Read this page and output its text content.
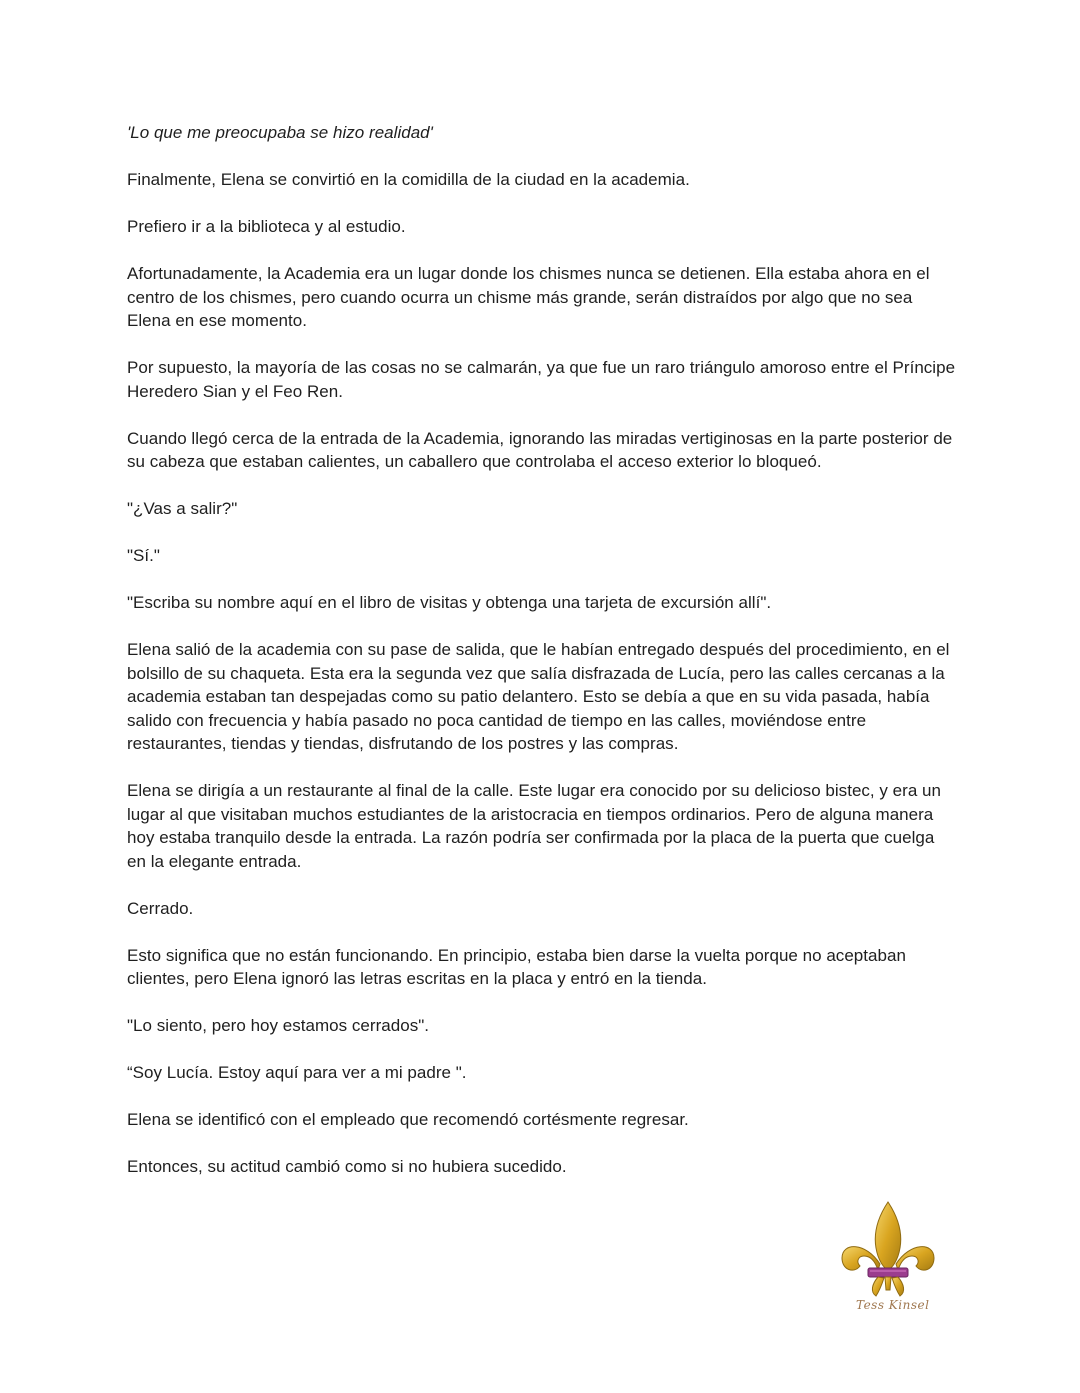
'Lo que me preocupaba se hizo realidad'

Finalmente, Elena se convirtió en la comidilla de la ciudad en la academia.

Prefiero ir a la biblioteca y al estudio.

Afortunadamente, la Academia era un lugar donde los chismes nunca se detienen. Ella estaba ahora en el centro de los chismes, pero cuando ocurra un chisme más grande, serán distraídos por algo que no sea Elena en ese momento.

Por supuesto, la mayoría de las cosas no se calmarán, ya que fue un raro triángulo amoroso entre el Príncipe Heredero Sian y el Feo Ren.

Cuando llegó cerca de la entrada de la Academia, ignorando las miradas vertiginosas en la parte posterior de su cabeza que estaban calientes, un caballero que controlaba el acceso exterior lo bloqueó.

"¿Vas a salir?"

"Sí."

"Escriba su nombre aquí en el libro de visitas y obtenga una tarjeta de excursión allí".

Elena salió de la academia con su pase de salida, que le habían entregado después del procedimiento, en el bolsillo de su chaqueta. Esta era la segunda vez que salía disfrazada de Lucía, pero las calles cercanas a la academia estaban tan despejadas como su patio delantero. Esto se debía a que en su vida pasada, había salido con frecuencia y había pasado no poca cantidad de tiempo en las calles, moviéndose entre restaurantes, tiendas y tiendas, disfrutando de los postres y las compras.

Elena se dirigía a un restaurante al final de la calle. Este lugar era conocido por su delicioso bistec, y era un lugar al que visitaban muchos estudiantes de la aristocracia en tiempos ordinarios. Pero de alguna manera hoy estaba tranquilo desde la entrada. La razón podría ser confirmada por la placa de la puerta que cuelga en la elegante entrada.

Cerrado.

Esto significa que no están funcionando. En principio, estaba bien darse la vuelta porque no aceptaban clientes, pero Elena ignoró las letras escritas en la placa y entró en la tienda.

"Lo siento, pero hoy estamos cerrados".

“Soy Lucía. Estoy aquí para ver a mi padre ".

Elena se identificó con el empleado que recomendó cortésmente regresar.

Entonces, su actitud cambió como si no hubiera sucedido.

Tess Kinsel
